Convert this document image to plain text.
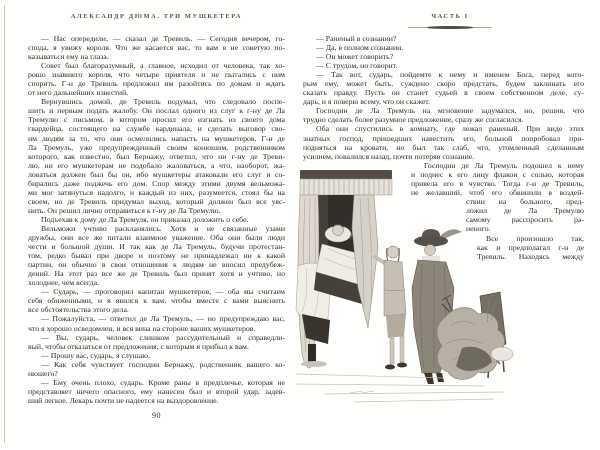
АЛЕКСАНДР ДЮМА. ТРИ МУШКЕТЕРА
— Нас опередили, — сказал де Тревиль. — Сегодня вечером, го-
спода, я увижу короля. Что же касается вас, то вам я не советую по-
казываться ему на глаза.
Совет был благоразумный, а главное, исходил от человека, так хо-
рошо знавшего короля, что четыре приятеля и не пытались с ним
спорить. Г-н де Тревиль предложил им разойтись по домам и ждать
от него дальнейших известий.
Вернувшись домой, де Тревиль подумал, что следовало поспе-
шить и первым подать жалобу. Он послал одного из слуг к г-ну де Ла
Тремулю с письмом, в котором просил его изгнать из своего дома
гвардейца, состоящего на службе кардинала, и сделать выговор сво-
им людям за то, что они осмелились напасть на мушкетеров. Г-н де
Ла Тремуль, уже предупрежденный своим конюшим, родственником
которого, как известно, был Бернажу, ответил, что ни г-ну де Треви-
лю, ни его мушкетерам не подобало жаловаться, а что, наоборот, жа-
ловаться должен был бы он, ибо мушкетеры атаковали его слуг и со-
бирались даже поджечь его дом. Спор между этими двумя вельможа-
ми мог затянуться надолго, и каждый из них, разумеется, стоял бы на
своем, но де Тревиль придумал выход, который должен был все уяс-
нить. Он решил лично отправиться к г-ну де Ла Тремулю.
Подъехав к дому де Ла Тремуля, он приказал доложить о себе.
Вельможи учтиво раскланялись. Хотя и не связанные узами
дружбы, они все же питали взаимное уважение. Оба они были люди
чести и большой души. И так как де Ла Тремуль, будучи протестан-
том, редко бывал при дворе и поэтому не принадлежал ни к какой
партии, он обычно в свои отношения к людям не вносил предубеж-
дений. На этот раз все же де Тревиль был принят хотя и учтиво, но
холоднее, чем всегда.
— Сударь, — проговорил капитан мушкетеров, — оба мы считаем
себя обиженными, и я явился к вам, чтобы вместе с вами выяснить
все обстоятельства этого дела.
— Пожалуйста, — ответил де Ла Тремуль, — но предупреждаю вас,
что я хорошо осведомлен, и вся вина на стороне ваших мушкетеров.
— Вы, сударь, человек слишком рассудительный и справедли-
вый, чтобы отказаться от предложения, с которым я прибыл к вам.
— Прошу вас, сударь, я слушаю.
— Как себя чувствует господин Бернажу, родственник вашего ко-
нюшего?
— Ему очень плохо, сударь. Кроме раны в предплечье, которая не
представляет ничего опасного, ему нанесен был и второй удар, задев-
ший легкое. Лекарь почти не надеется на выздоровление.
90
ЧАСТЬ I
— Раненый в сознании?
— Да, в полном сознании.
— Он может говорить?
— С трудом, но говорит.
— Так вот, сударь, пойдемте к нему и именем Бога, перед кото-
рым ему, может быть, суждено скоро предстать, будем заклинать его
сказать правду. Пусть он станет судьей в своем собственном деле, су-
дарь, и я поверю всему, что он скажет.
Господин де Ла Тремуль на мгновение задумался, но, решив, что
трудно сделать более разумное предложение, сразу же согласился.
Оба они спустились в комнату, где лежал раненый. При виде этих
знатных господ, пришедших навестить его, больной попробовал при-
подняться на кровати, но был так слаб, что, утомленный сделанным
усилием, повалился назад, почти потеряв сознание.
Господин де Ла Тремуль подошел к нему
и поднес к его лицу флакон с солью, которая
привела его в чувство. Тогда г-н де Тревиль,
не желавший, чтоб его обвинили в воздей-
ствии на больного, пред-
ложил де Ла Тремулю
самому расспросить ра-
неного.
Все произошло так,
как и предполагал г-н де
Тревиль. Находясь между
